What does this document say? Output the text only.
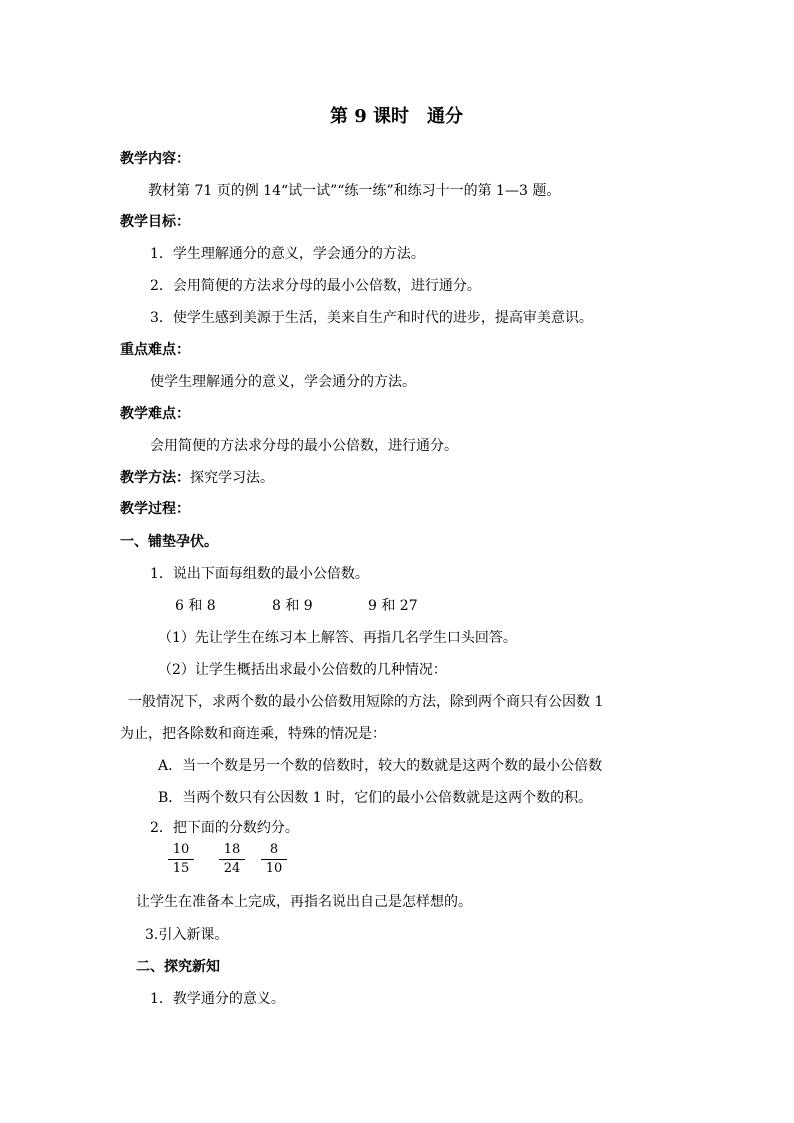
第 9 课时　通分
教学内容：
教材第 71 页的例 14“试一试”“练一练”和练习十一的第 1—3 题。
教学目标：
1．学生理解通分的意义，学会通分的方法。
2．会用简便的方法求分母的最小公倍数，进行通分。
3．使学生感到美源于生活，美来自生产和时代的进步，提高审美意识。
重点难点：
使学生理解通分的意义，学会通分的方法。
教学难点：
会用简便的方法求分母的最小公倍数，进行通分。
教学方法：探究学习法。
教学过程：
一、铺垫孕伏。
1．说出下面每组数的最小公倍数。
6 和 8	8 和 9	9 和 27
（1）先让学生在练习本上解答、再指几名学生口头回答。
（2）让学生概括出求最小公倍数的几种情况：
一般情况下，求两个数的最小公倍数用短除的方法，除到两个商只有公因数 1
为止，把各除数和商连乘，特殊的情况是：
A．当一个数是另一个数的倍数时，较大的数就是这两个数的最小公倍数
B．当两个数只有公因数 1 时，它们的最小公倍数就是这两个数的积。
2．把下面的分数约分。
$\frac{10}{15} \frac{18}{24} \frac{8}{10}$
让学生在准备本上完成，再指名说出自己是怎样想的。
3.引入新课。
二、探究新知
1．教学通分的意义。
